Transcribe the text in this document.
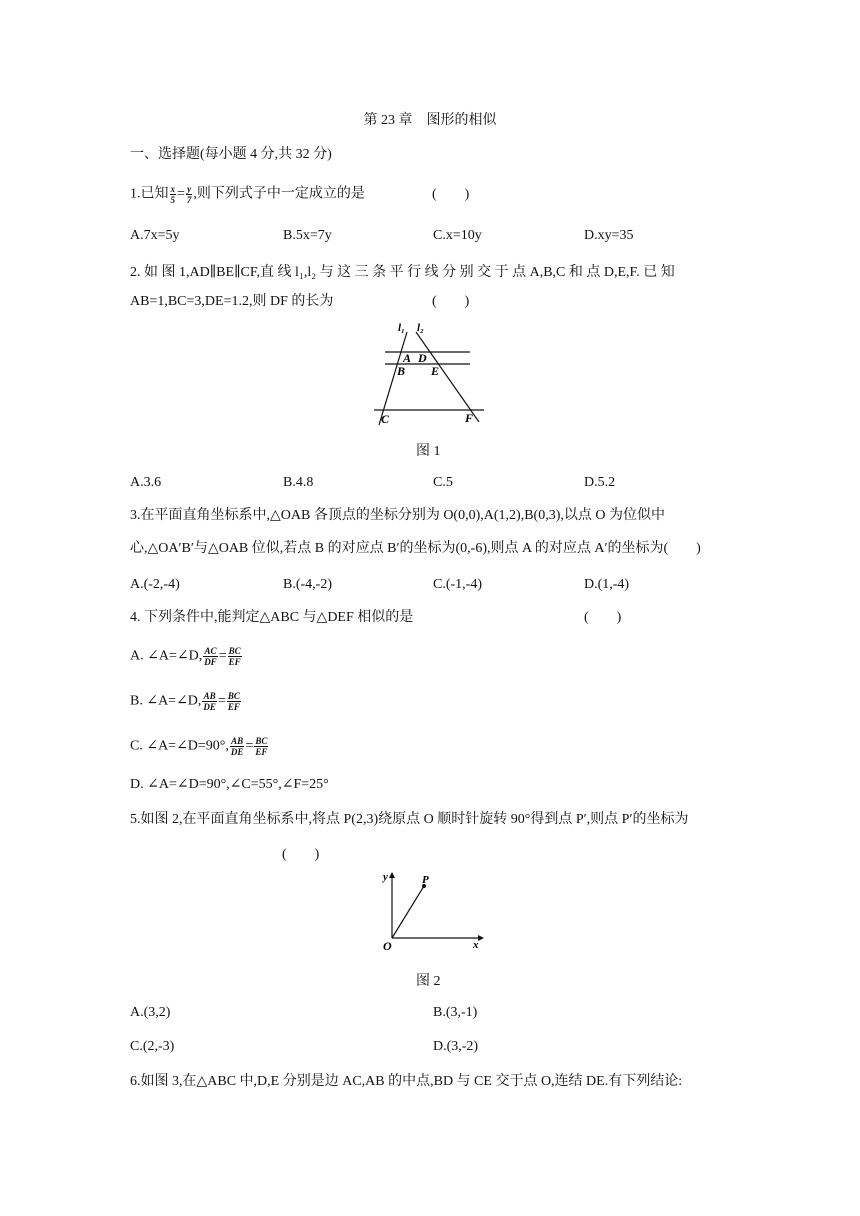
第 23 章　图形的相似
一、选择题(每小题 4 分,共 32 分)
1.已知 $\frac{x}{5} = \frac{y}{7}$ ,则下列式子中一定成立的是	(　　)
A.7x=5y	B.5x=7y	C.x=10y	D.xy=35
2. 如 图 1,AD∥BE∥CF,直 线 l₁,l₂ 与 这 三 条 平 行 线 分 别 交 于 点 A,B,C 和 点 D,E,F. 已 知
AB=1,BC=3,DE=1.2,则 DF 的长为	(　　)
l₁ l₂
A D
B E
C	F
图 1
A.3.6	B.4.8	C.5	D.5.2
3.在平面直角坐标系中,△OAB 各顶点的坐标分别为 O(0,0),A(1,2),B(0,3),以点 O 为位似中
心,△OA′B′与△OAB 位似,若点 B 的对应点 B′的坐标为(0,-6),则点 A 的对应点 A′的坐标为(　　)
A.(-2,-4)	B.(-4,-2)	C.(-1,-4)	D.(1,-4)
4. 下列条件中,能判定△ABC 与△DEF 相似的是	(　　)
A. ∠A=∠D, $\frac{AC}{DF} = \frac{BC}{EF}$
B. ∠A=∠D, $\frac{AB}{DE} = \frac{BC}{EF}$
C. ∠A=∠D=90°, $\frac{AB}{DE} = \frac{BC}{EF}$
D. ∠A=∠D=90°,∠C=55°,∠F=25°
5.如图 2,在平面直角坐标系中,将点 P(2,3)绕原点 O 顺时针旋转 90°得到点 P′,则点 P′的坐标为
(　　)
y
x
O
P
图 2
A.(3,2)	B.(3,-1)
C.(2,-3)	D.(3,-2)
6.如图 3,在△ABC 中,D,E 分别是边 AC,AB 的中点,BD 与 CE 交于点 O,连结 DE.有下列结论:
